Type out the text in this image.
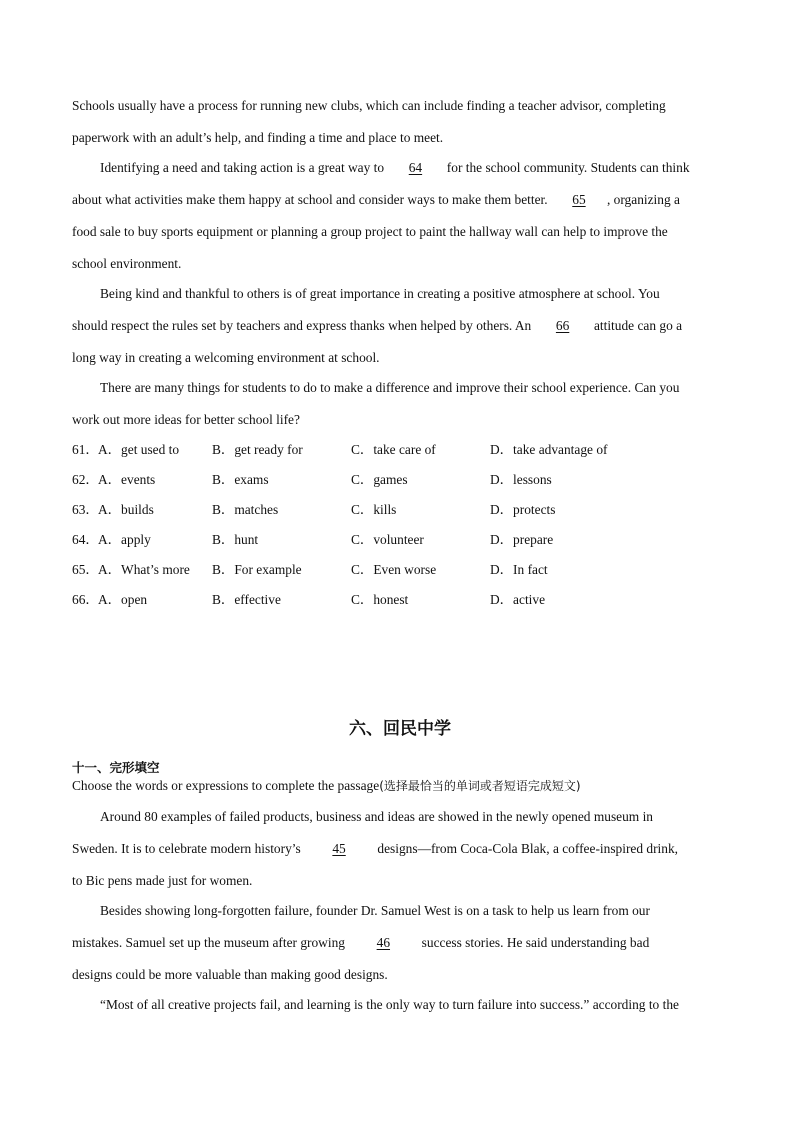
Schools usually have a process for running new clubs, which can include finding a teacher advisor, completing
paperwork with an adult’s help, and finding a time and place to meet.
Identifying a need and taking action is a great way to 64 for the school community. Students can think
about what activities make them happy at school and consider ways to make them better. 65 , organizing a
food sale to buy sports equipment or planning a group project to paint the hallway wall can help to improve the
school environment.
Being kind and thankful to others is of great importance in creating a positive atmosphere at school. You
should respect the rules set by teachers and express thanks when helped by others. An 66 attitude can go a
long way in creating a welcoming environment at school.
There are many things for students to do to make a difference and improve their school experience. Can you
work out more ideas for better school life?
61． A．get used to B．get ready for	C．take care of	D．take advantage of
62． A．events	B．exams	C．games	D．lessons
63． A．builds	B．matches	C．kills	D．protects
64． A．apply	B．hunt	C．volunteer	D．prepare
65． A．What’s more B．For example	C．Even worse	D．In fact
66． A．open	B．effective	C．honest	D．active
六、回民中学
十一、完形填空
Choose the words or expressions to complete the passage(选择最恰当的单词或者短语完成短文)
Around 80 examples of failed products, business and ideas are showed in the newly opened museum in
Sweden. It is to celebrate modern history’s 45 designs—from Coca-Cola Blak, a coffee-inspired drink,
to Bic pens made just for women.
Besides showing long-forgotten failure, founder Dr. Samuel West is on a task to help us learn from our
mistakes. Samuel set up the museum after growing 46 success stories. He said understanding bad
designs could be more valuable than making good designs.
“Most of all creative projects fail, and learning is the only way to turn failure into success.” according to the
